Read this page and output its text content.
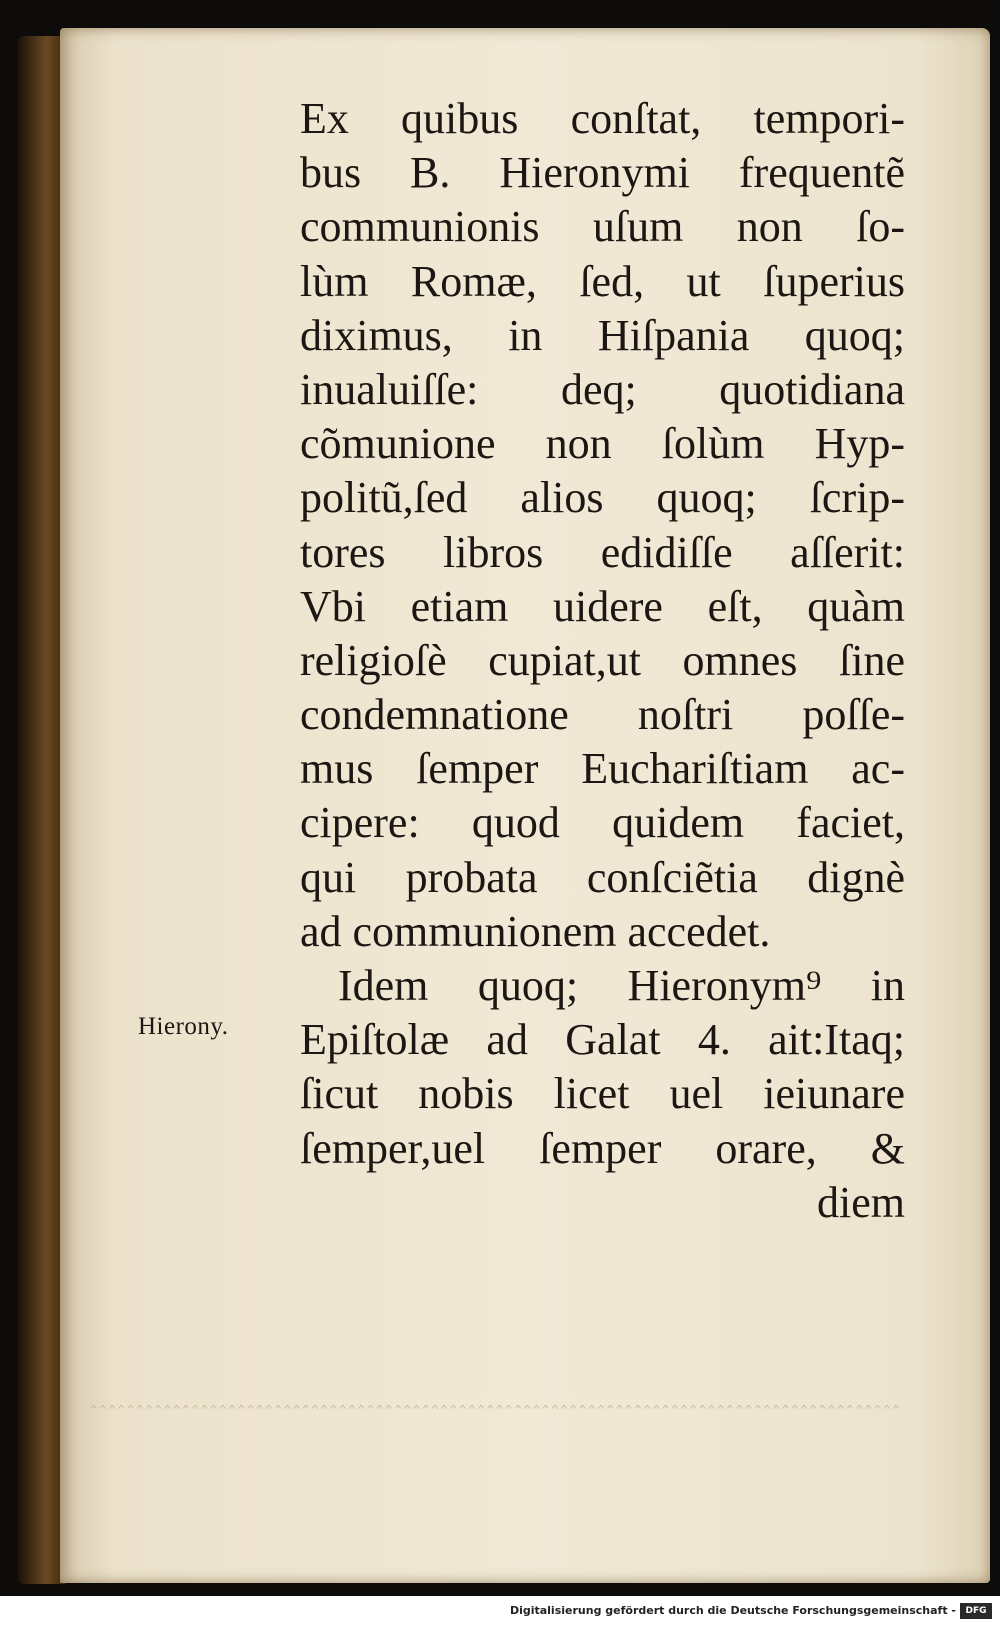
^^^^^^^^^^^^^^^^^^^^^^^^^^^^^^^^^^^^^^^^^^^^^^^^^^^^^^^^^^^^^^^^^^^^^^^^^^^^^^^^^^^^^^^^
Ex quibus conſtat, tempori-
bus B. Hieronymi frequentẽ
communionis uſum non ſo-
lùm Romæ, ſed, ut ſuperius
diximus, in Hiſpania quoq;
inualuiſſe: deq; quotidiana
cõmunione non ſolùm Hyp-
politũ,ſed alios quoq; ſcrip-
tores libros edidiſſe aſſerit:
Vbi etiam uidere eſt, quàm
religioſè cupiat,ut omnes ſine
condemnatione noſtri poſſe-
mus ſemper Euchariſtiam ac-
cipere: quod quidem faciet,
qui probata conſciẽtia dignè
ad communionem accedet.
Idem quoq; Hieronym⁹ in
Epiſtolæ ad Galat 4. ait:Itaq;
ſicut nobis licet uel ieiunare
ſemper,uel ſemper orare, &
diem
Hierony.
Digitalisierung gefördert durch die Deutsche Forschungsgemeinschaft -	DFG
